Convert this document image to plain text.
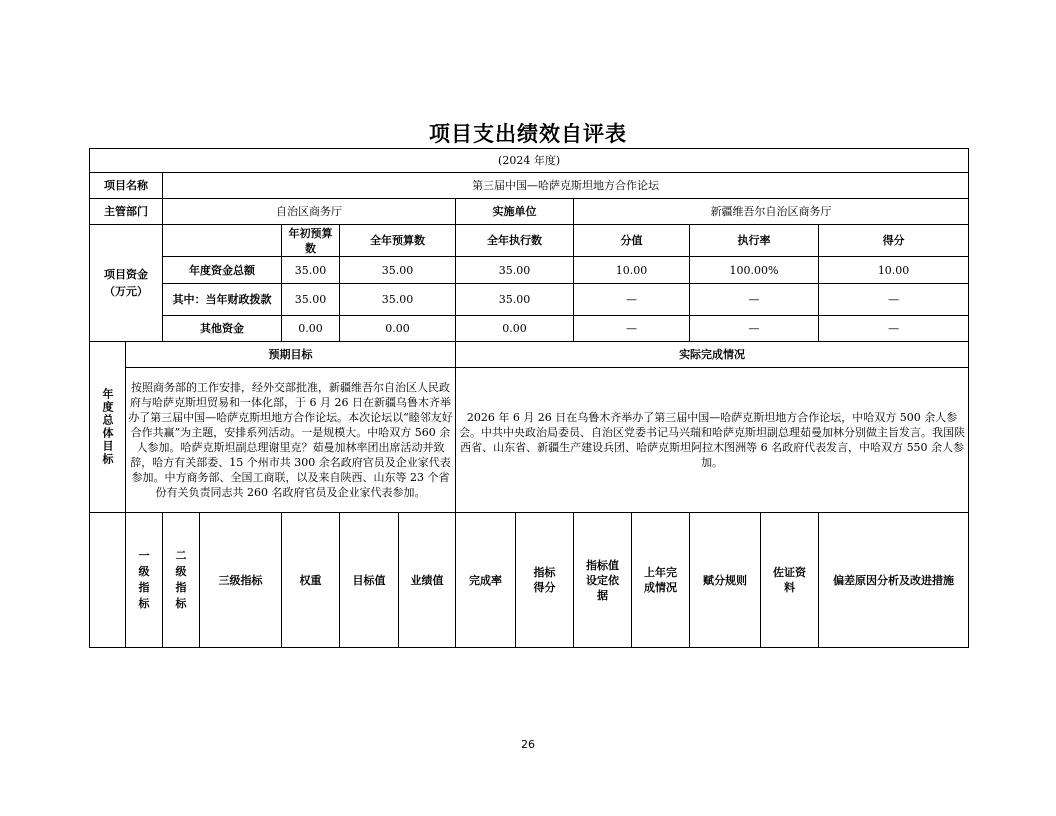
项目支出绩效自评表
(2024 年度)													
项目名称		第三届中国—哈萨克斯坦地方合作论坛											
主管部门		自治区商务厅					实施单位		新疆维吾尔自治区商务厅				

项目资金（万元）				年初预算数	全年预算数		全年执行数		分值		执行率		得分
		年度资金总额		35.00	35.00		35.00		10.00		100.00%		10.00
		其中：当年财政拨款		35.00	35.00		35.00		—		—		—
		其他资金		0.00	0.00		0.00		—		—		—

年度总体目标	预期目标						实际完成情况						
	按照商务部的工作安排，经外交部批准，新疆维吾尔自治区人民政府与哈萨克斯坦贸易和一体化部，于 6 月 26 日在新疆乌鲁木齐举办了第三届中国—哈萨克斯坦地方合作论坛。本次论坛以“睦邻友好 合作共赢”为主题，安排系列活动。一是规模大。中哈双方 560 余人参加。哈萨克斯坦副总理谢里克？茹曼加林率团出席活动并致辞，哈方有关部委、15 个州市共 300 余名政府官员及企业家代表参加。中方商务部、全国工商联，以及来自陕西、山东等 23 个省份有关负责同志共 260 名政府官员及企业家代表参加。						2026 年 6 月 26 日在乌鲁木齐举办了第三届中国—哈萨克斯坦地方合作论坛，中哈双方 500 余人参会。中共中央政治局委员、自治区党委书记马兴瑞和哈萨克斯坦副总理茹曼加林分别做主旨发言。我国陕西省、山东省、新疆生产建设兵团、哈萨克斯坦阿拉木图洲等 6 名政府代表发言，中哈双方 550 余人参加。						

	一级指标	二级指标	三级指标	权重	目标值	业绩值	完成率	指标得分	指标值设定依据	上年完成情况	赋分规则	佐证资料	偏差原因分析及改进措施
26
